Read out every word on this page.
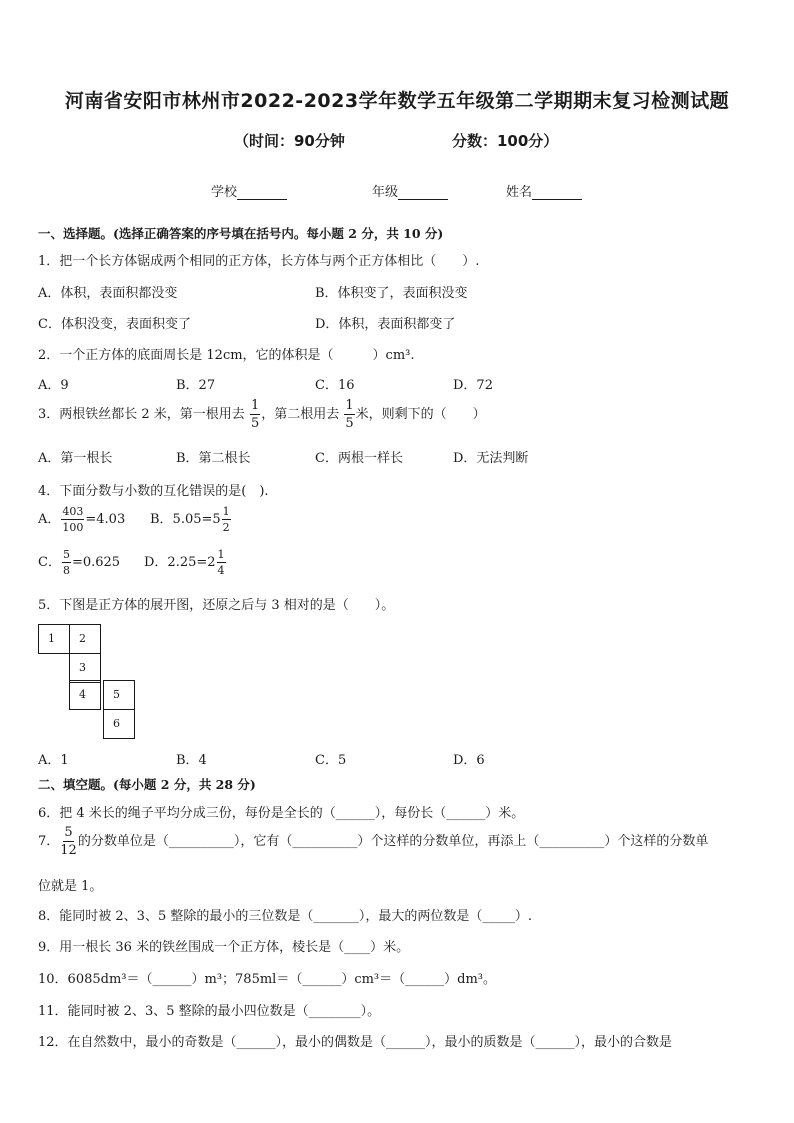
河南省安阳市林州市2022-2023学年数学五年级第二学期期末复习检测试题
（时间：90分钟	分数：100分）
学校	年级	姓名
一、选择题。(选择正确答案的序号填在括号内。每小题 2 分，共 10 分)
1．把一个长方体锯成两个相同的正方体，长方体与两个正方体相比（　　）.
A．体积，表面积都没变	B．体积变了，表面积没变
C．体积没变，表面积变了	D．体积，表面积都变了
2．一个正方体的底面周长是 12cm，它的体积是（　　　）cm³.
A．9	B．27	C．16	D．72
3．两根铁丝都长 2 米，第一根用去 $\frac{1}{5}$ ，第二根用去 $\frac{1}{5}$ 米，则剩下的（　　）
A．第一根长	B．第二根长	C．两根一样长	D．无法判断
4．下面分数与小数的互化错误的是(　).
A． $\frac{403}{100} =4.03$ B．$5.05=5 \frac{1}{2}$
C． $\frac{5}{8} =0.625$ D．$2.25=2 \frac{1}{4}$
5．下图是正方体的展开图，还原之后与 3 相对的是（　　）。
1	2
3
4	5
6
A．1	B．4	C．5	D．6
二、填空题。(每小题 2 分，共 28 分)
6．把 4 米长的绳子平均分成三份，每份是全长的（______），每份长（______）米。
7． $\frac{5}{12}$ 的分数单位是（__________），它有（__________）个这样的分数单位，再添上（__________）个这样的分数单
位就是 1。
8．能同时被 2、3、5 整除的最小的三位数是（_______），最大的两位数是（_____）.
9．用一根长 36 米的铁丝围成一个正方体，棱长是（____）米。
10．6085dm³＝（______）m³；785ml＝（______）cm³＝（______）dm³。
11．能同时被 2、3、5 整除的最小四位数是（________）。
12．在自然数中，最小的奇数是（______），最小的偶数是（______），最小的质数是（______），最小的合数是
